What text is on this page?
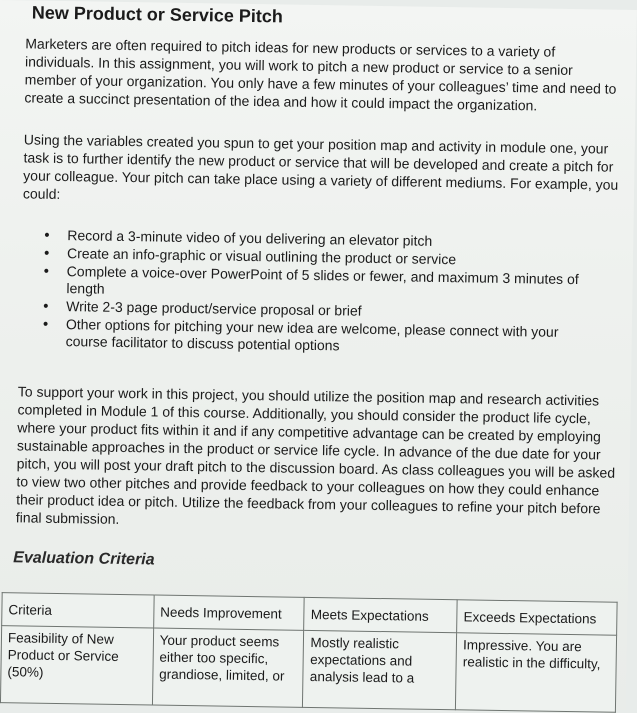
New Product or Service Pitch

Marketers are often required to pitch ideas for new products or services to a variety of individuals. In this assignment, you will work to pitch a new product or service to a senior member of your organization. You only have a few minutes of your colleagues’ time and need to create a succinct presentation of the idea and how it could impact the organization.

Using the variables created you spun to get your position map and activity in module one, your task is to further identify the new product or service that will be developed and create a pitch for your colleague. Your pitch can take place using a variety of different mediums. For example, you could:

• Record a 3-minute video of you delivering an elevator pitch
• Create an info-graphic or visual outlining the product or service
• Complete a voice-over PowerPoint of 5 slides or fewer, and maximum 3 minutes of length
• Write 2-3 page product/service proposal or brief
• Other options for pitching your new idea are welcome, please connect with your course facilitator to discuss potential options

To support your work in this project, you should utilize the position map and research activities completed in Module 1 of this course. Additionally, you should consider the product life cycle, where your product fits within it and if any competitive advantage can be created by employing sustainable approaches in the product or service life cycle. In advance of the due date for your pitch, you will post your draft pitch to the discussion board. As class colleagues you will be asked to view two other pitches and provide feedback to your colleagues on how they could enhance their product idea or pitch. Utilize the feedback from your colleagues to refine your pitch before final submission.

Evaluation Criteria
Criteria	Needs Improvement	Meets Expectations	Exceeds Expectations
Feasibility of New Product or Service (50%)	Your product seems either too specific, grandiose, limited, or	Mostly realistic expectations and analysis lead to a	Impressive. You are realistic in the difficulty,
